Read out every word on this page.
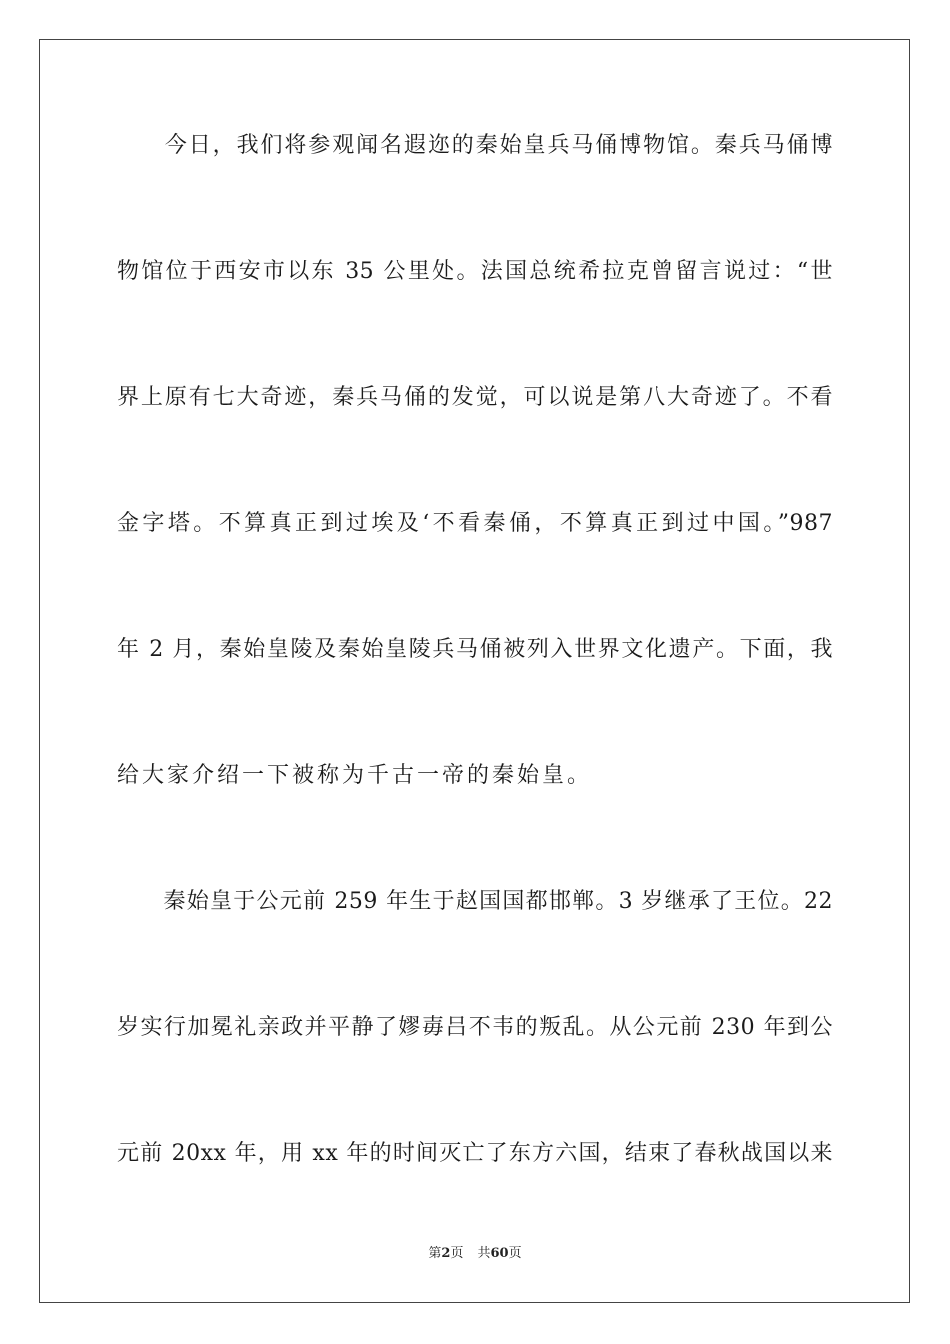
　　今日，我们将参观闻名遐迩的秦始皇兵马俑博物馆。秦兵马俑博
物馆位于西安市以东 35 公里处。法国总统希拉克曾留言说过：“世
界上原有七大奇迹，秦兵马俑的发觉，可以说是第八大奇迹了。不看
金字塔。不算真正到过埃及‘不看秦俑，不算真正到过中国。”987
年 2 月，秦始皇陵及秦始皇陵兵马俑被列入世界文化遗产。下面，我
给大家介绍一下被称为千古一帝的秦始皇。
　　秦始皇于公元前 259 年生于赵国国都邯郸。3 岁继承了王位。22
岁实行加冕礼亲政并平静了嫪毐吕不韦的叛乱。从公元前 230 年到公
元前 20xx 年，用 xx 年的时间灭亡了东方六国，结束了春秋战国以来
第2页 共60页
